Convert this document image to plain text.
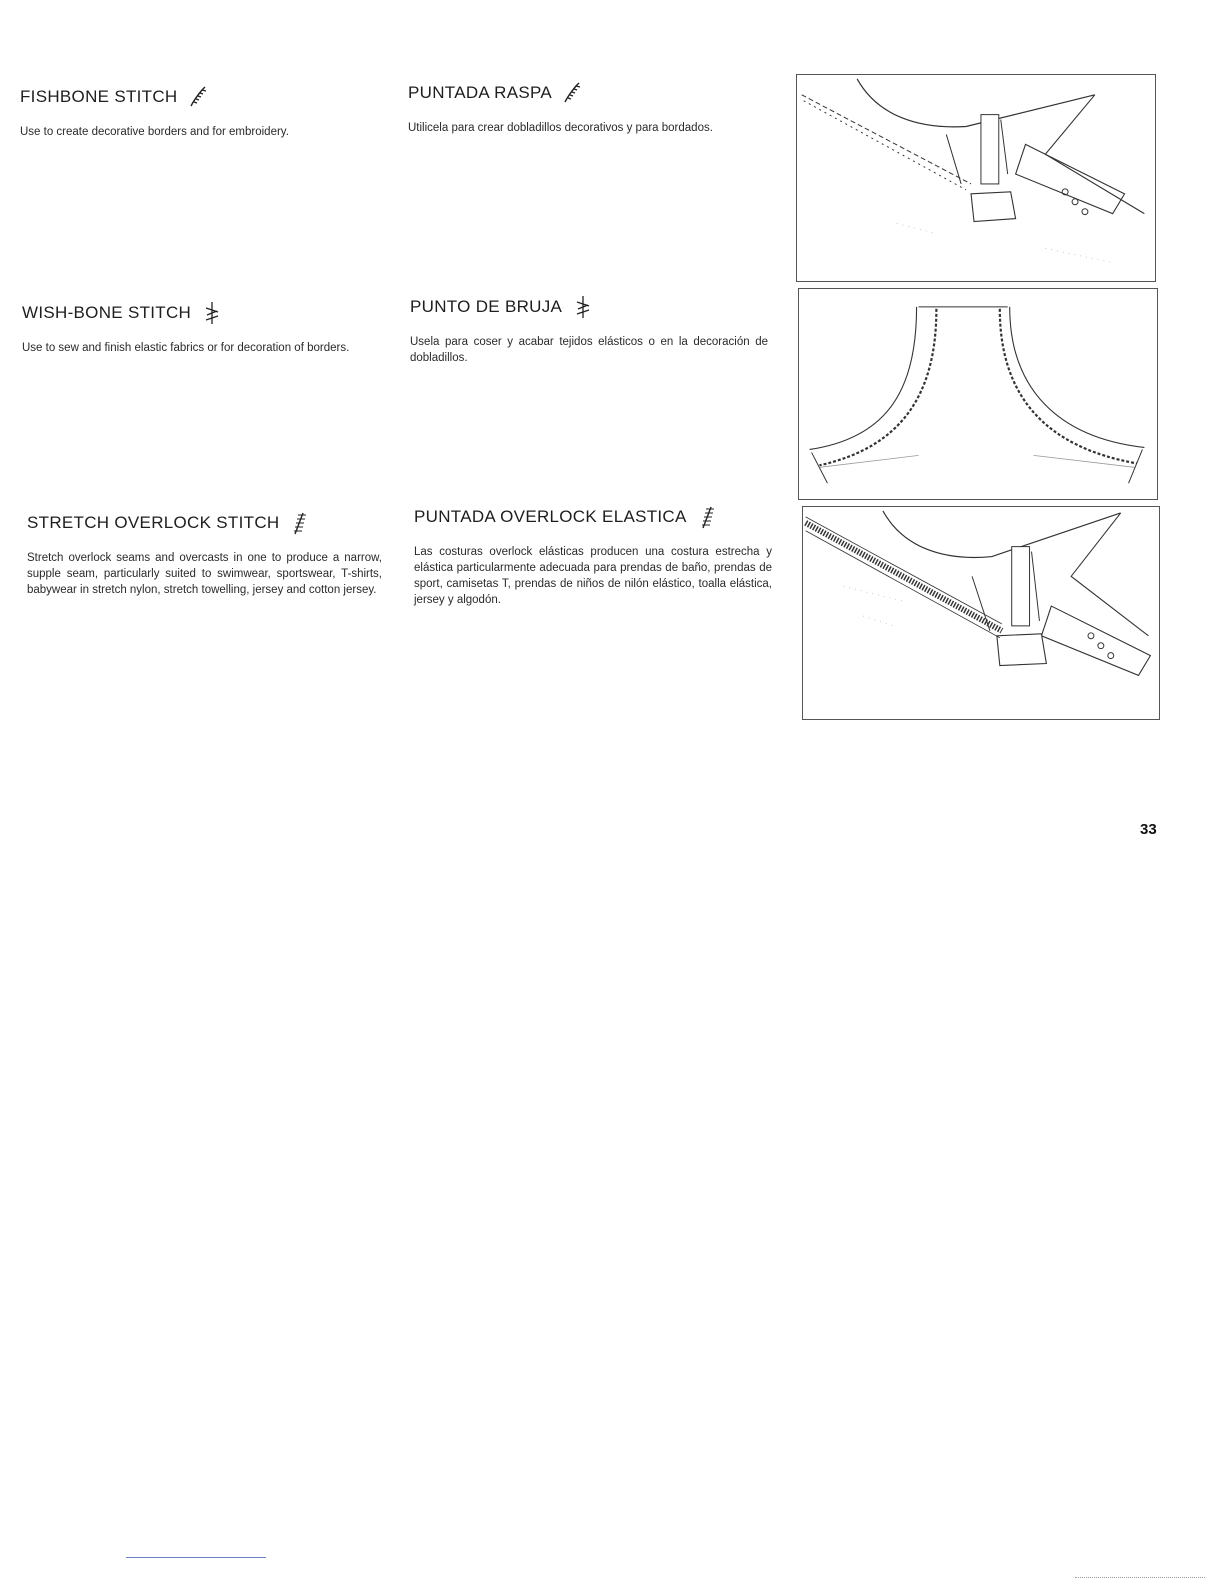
FISHBONE STITCH
Use to create decorative borders and for embroidery.
PUNTADA RASPA
Utilicela para crear dobladillos decorativos y para bordados.
WISH-BONE STITCH
Use to sew and finish elastic fabrics or for decoration of borders.
PUNTO DE BRUJA
Usela para coser y acabar tejidos elásticos o en la decoración de dobladillos.
STRETCH OVERLOCK STITCH
Stretch overlock seams and overcasts in one to produce a narrow, supple seam, particularly suited to swimwear, sportswear, T-shirts, babywear in stretch nylon, stretch towelling, jersey and cotton jersey.
PUNTADA OVERLOCK ELASTICA
Las costuras overlock elásticas producen una costura estrecha y elástica particularmente adecuada para prendas de baño, prendas de sport, camisetas T, prendas de niños de nilón elástico, toalla elástica, jersey y algodón.
33
